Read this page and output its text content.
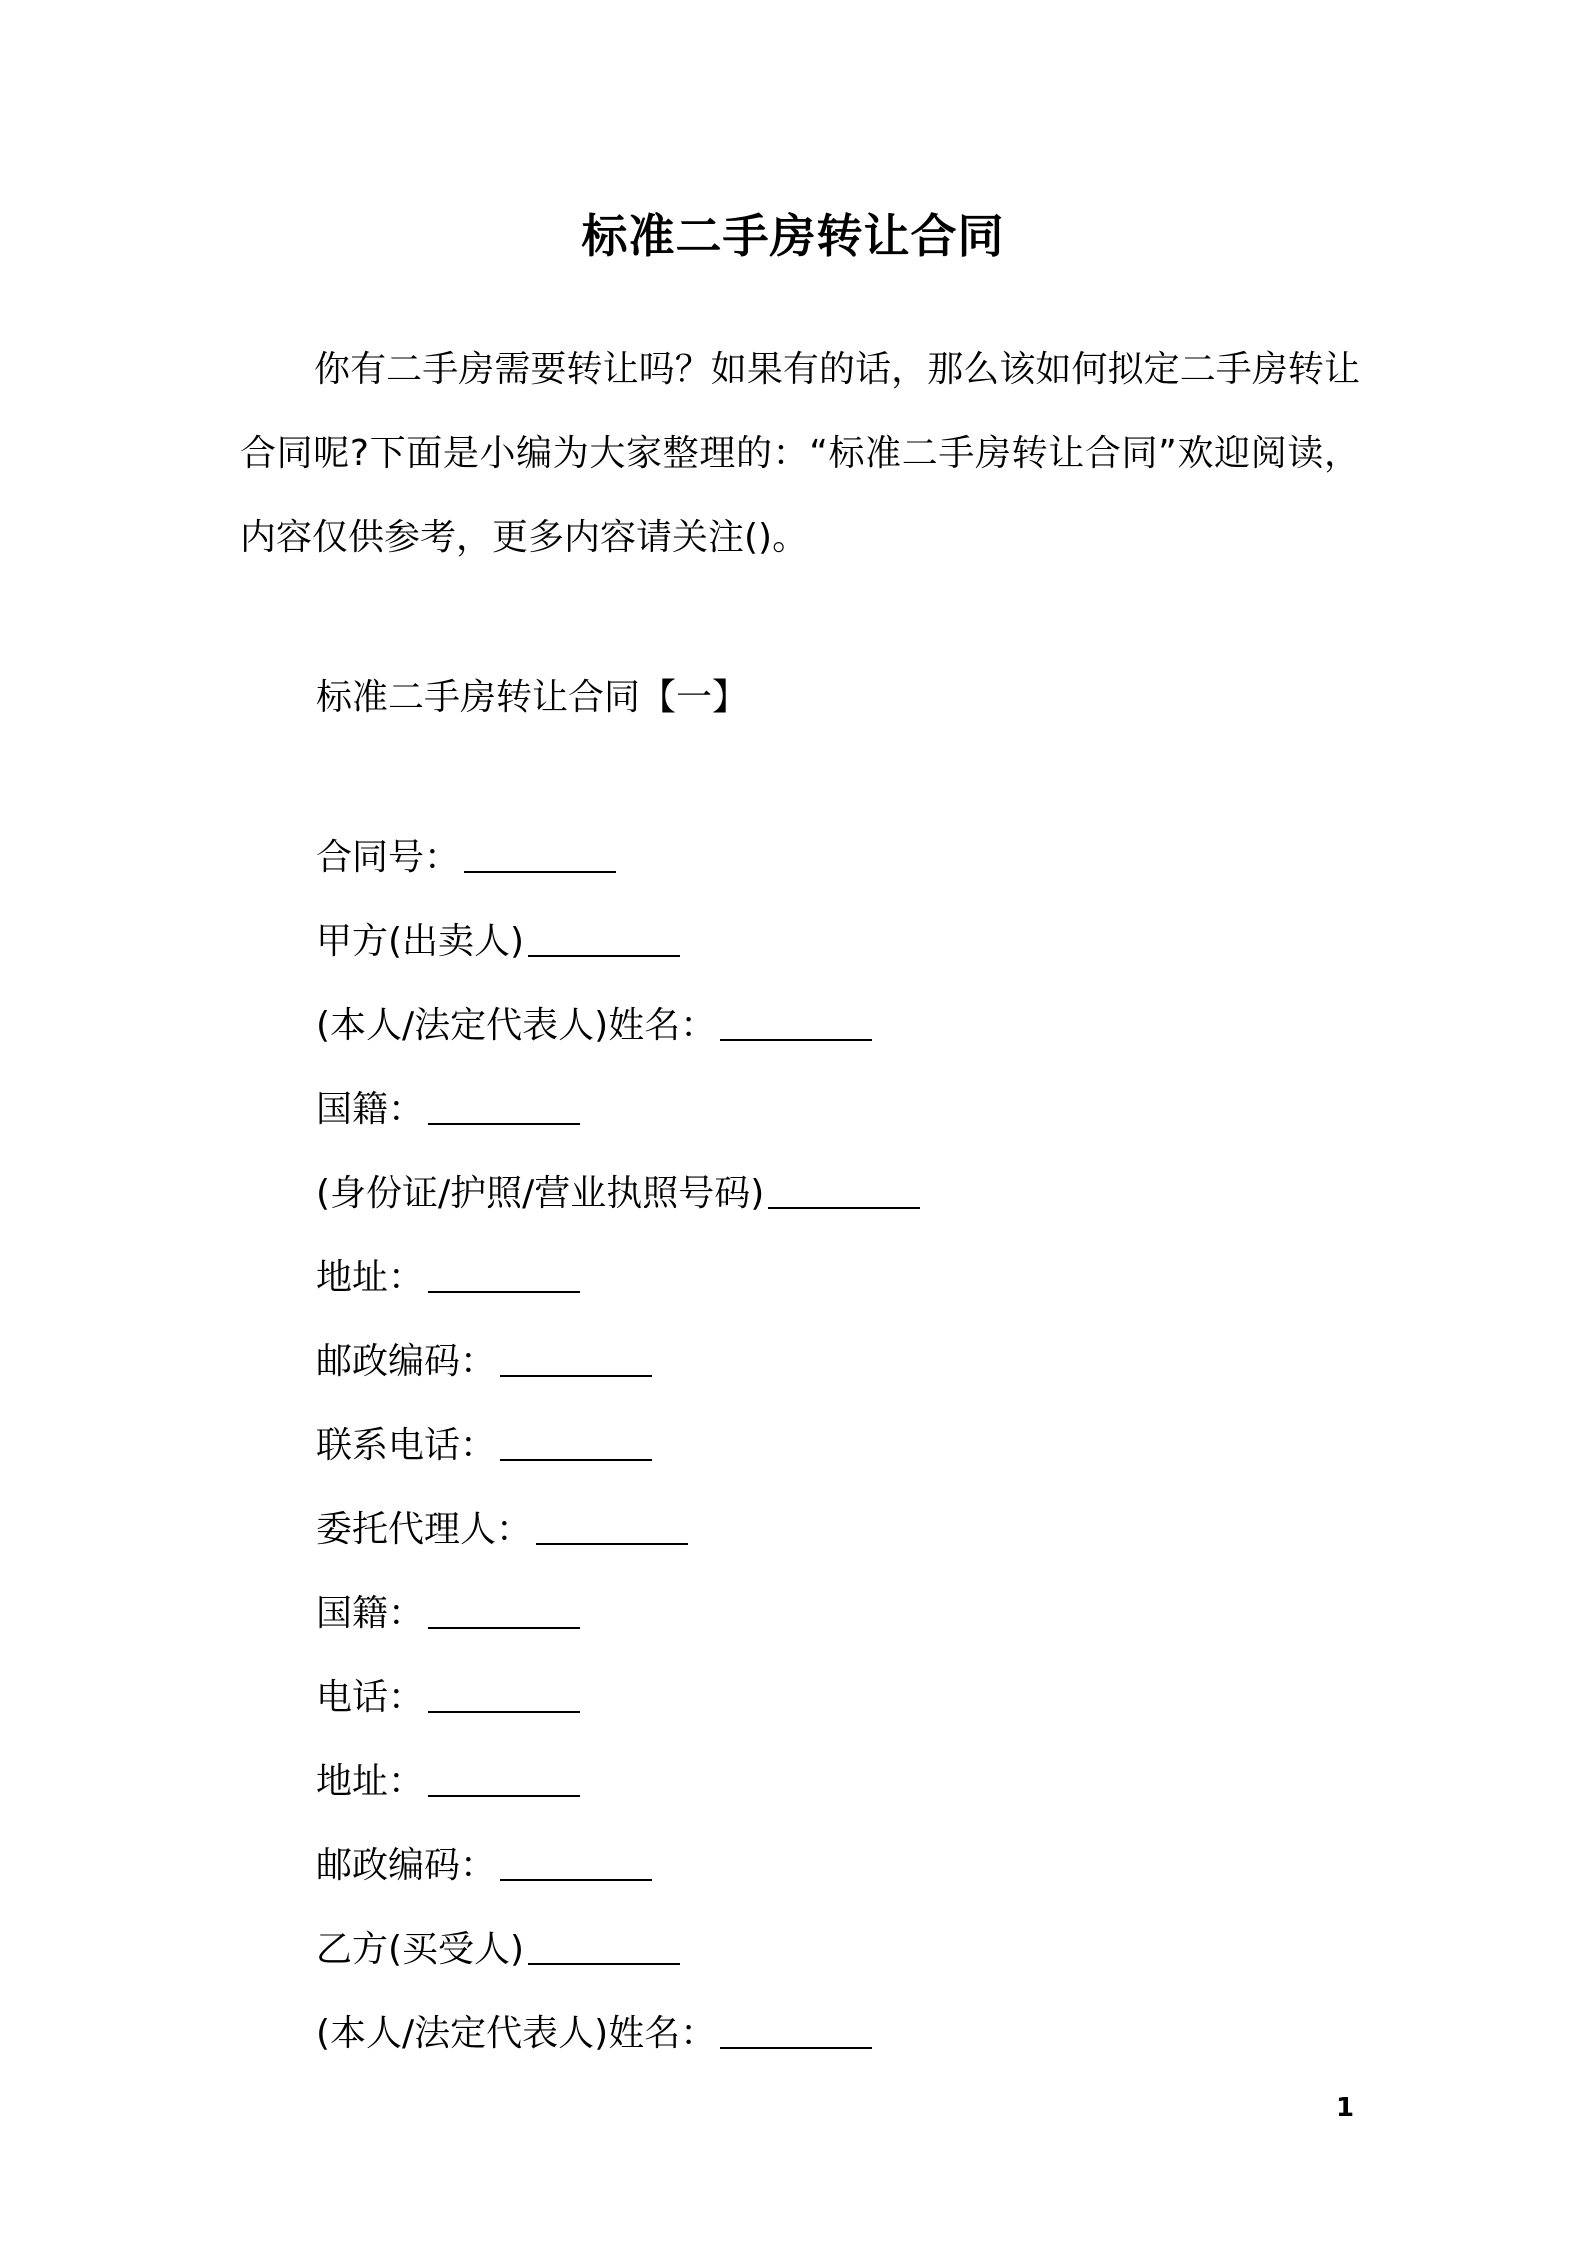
标准二手房转让合同
你有二手房需要转让吗？如果有的话，那么该如何拟定二手房转让合同呢?下面是小编为大家整理的：“标准二手房转让合同”欢迎阅读，内容仅供参考，更多内容请关注()。
标准二手房转让合同【一】
合同号：
甲方(出卖人)
(本人/法定代表人)姓名：
国籍：
(身份证/护照/营业执照号码)
地址：
邮政编码：
联系电话：
委托代理人：
国籍：
电话：
地址：
邮政编码：
乙方(买受人)
(本人/法定代表人)姓名：
1
